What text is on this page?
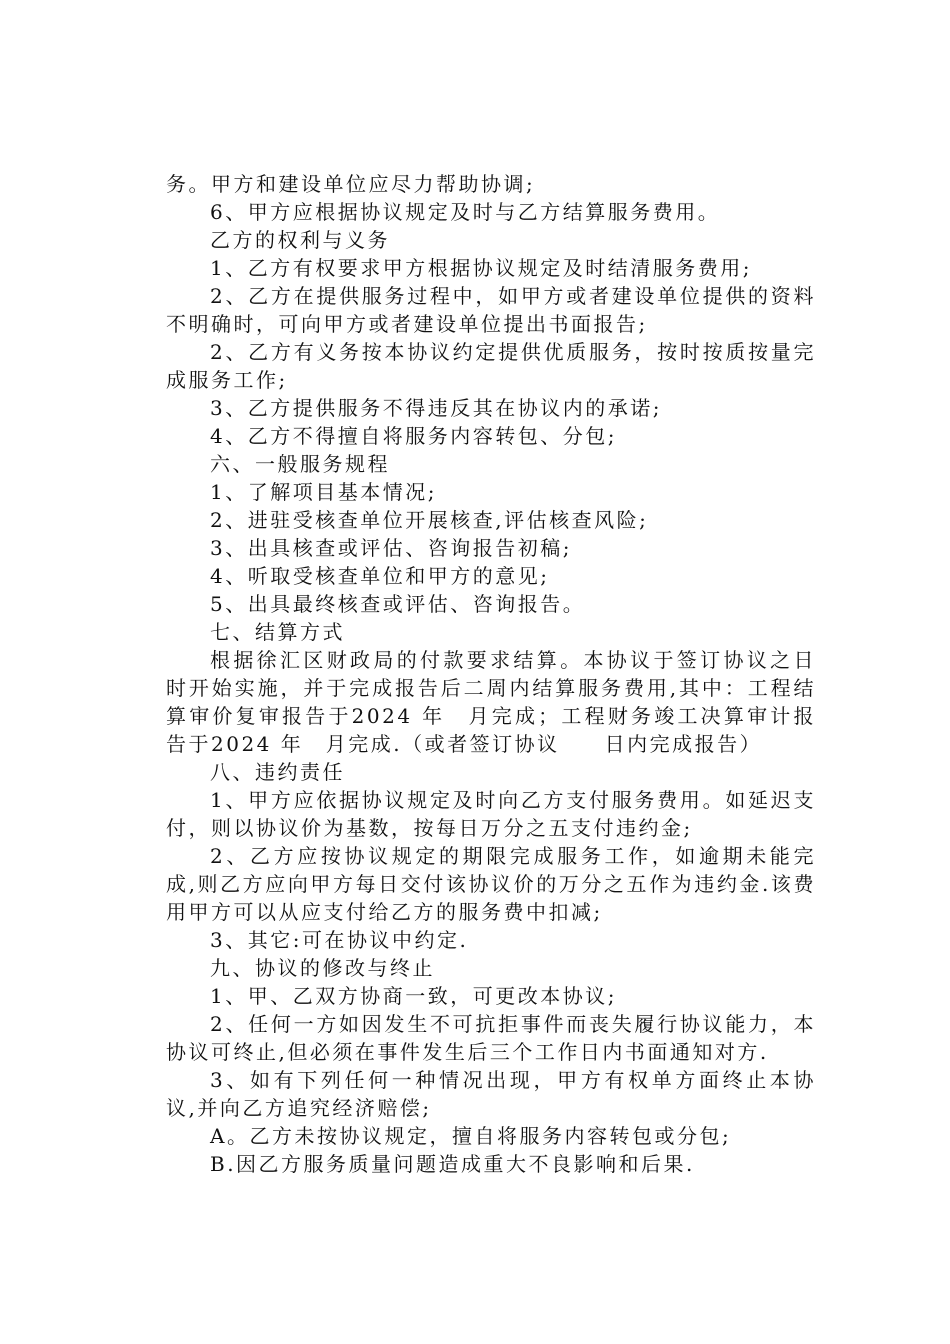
务。甲方和建设单位应尽力帮助协调;

6、甲方应根据协议规定及时与乙方结算服务费用。

乙方的权利与义务

1、乙方有权要求甲方根据协议规定及时结清服务费用;

2、乙方在提供服务过程中，如甲方或者建设单位提供的资料不明确时，可向甲方或者建设单位提出书面报告;

2、乙方有义务按本协议约定提供优质服务，按时按质按量完成服务工作;

3、乙方提供服务不得违反其在协议内的承诺;

4、乙方不得擅自将服务内容转包、分包;

六、一般服务规程

1、了解项目基本情况;

2、进驻受核查单位开展核查,评估核查风险;

3、出具核查或评估、咨询报告初稿;

4、听取受核查单位和甲方的意见;

5、出具最终核查或评估、咨询报告。

七、结算方式

根据徐汇区财政局的付款要求结算。本协议于签订协议之日时开始实施，并于完成报告后二周内结算服务费用,其中：工程结算审价复审报告于2024 年　月完成；工程财务竣工决算审计报告于2024 年　月完成.（或者签订协议　　日内完成报告）

八、违约责任

1、甲方应依据协议规定及时向乙方支付服务费用。如延迟支付，则以协议价为基数，按每日万分之五支付违约金;

2、乙方应按协议规定的期限完成服务工作，如逾期未能完成,则乙方应向甲方每日交付该协议价的万分之五作为违约金.该费用甲方可以从应支付给乙方的服务费中扣减;

3、其它:可在协议中约定.

九、协议的修改与终止

1、甲、乙双方协商一致，可更改本协议;

2、任何一方如因发生不可抗拒事件而丧失履行协议能力，本协议可终止,但必须在事件发生后三个工作日内书面通知对方.

3、如有下列任何一种情况出现，甲方有权单方面终止本协议,并向乙方追究经济赔偿;

A。乙方未按协议规定，擅自将服务内容转包或分包;

B.因乙方服务质量问题造成重大不良影响和后果.
